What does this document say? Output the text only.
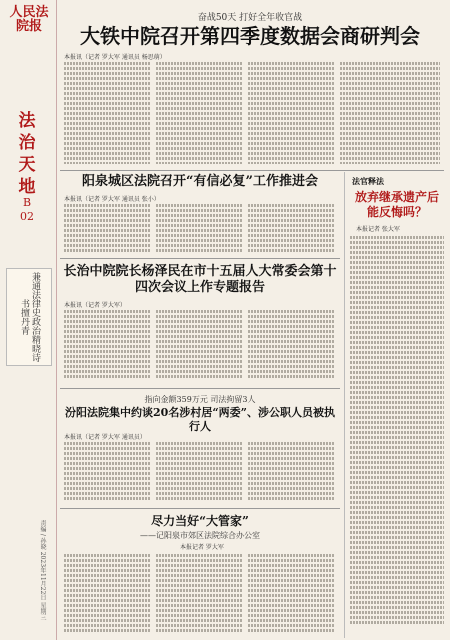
人民法院报
法治天地
B
02
兼通法律史政治精晓诗书擅丹青
责编 / 孙晓 2023年11月22日 星期三
奋战50天 打好全年收官战
大铁中院召开第四季度数据会商研判会
本报讯（记者 罗大军 通讯员 杨思萌）
阳泉城区法院召开“有信必复”工作推进会
本报讯（记者 罗大军 通讯员 张小）
长治中院院长杨泽民在市十五届人大常委会第十四次会议上作专题报告
本报讯（记者 罗大军）
指向金额359万元 司法拘留3人
汾阳法院集中约谈20名涉村居“两委”、涉公职人员被执行人
本报讯（记者 罗大军 通讯员）
尽力当好“大管家”
——记阳泉市郊区法院综合办公室
本报记者 罗大军
法官释法
放弃继承遗产后能反悔吗？
本报记者 张大军
